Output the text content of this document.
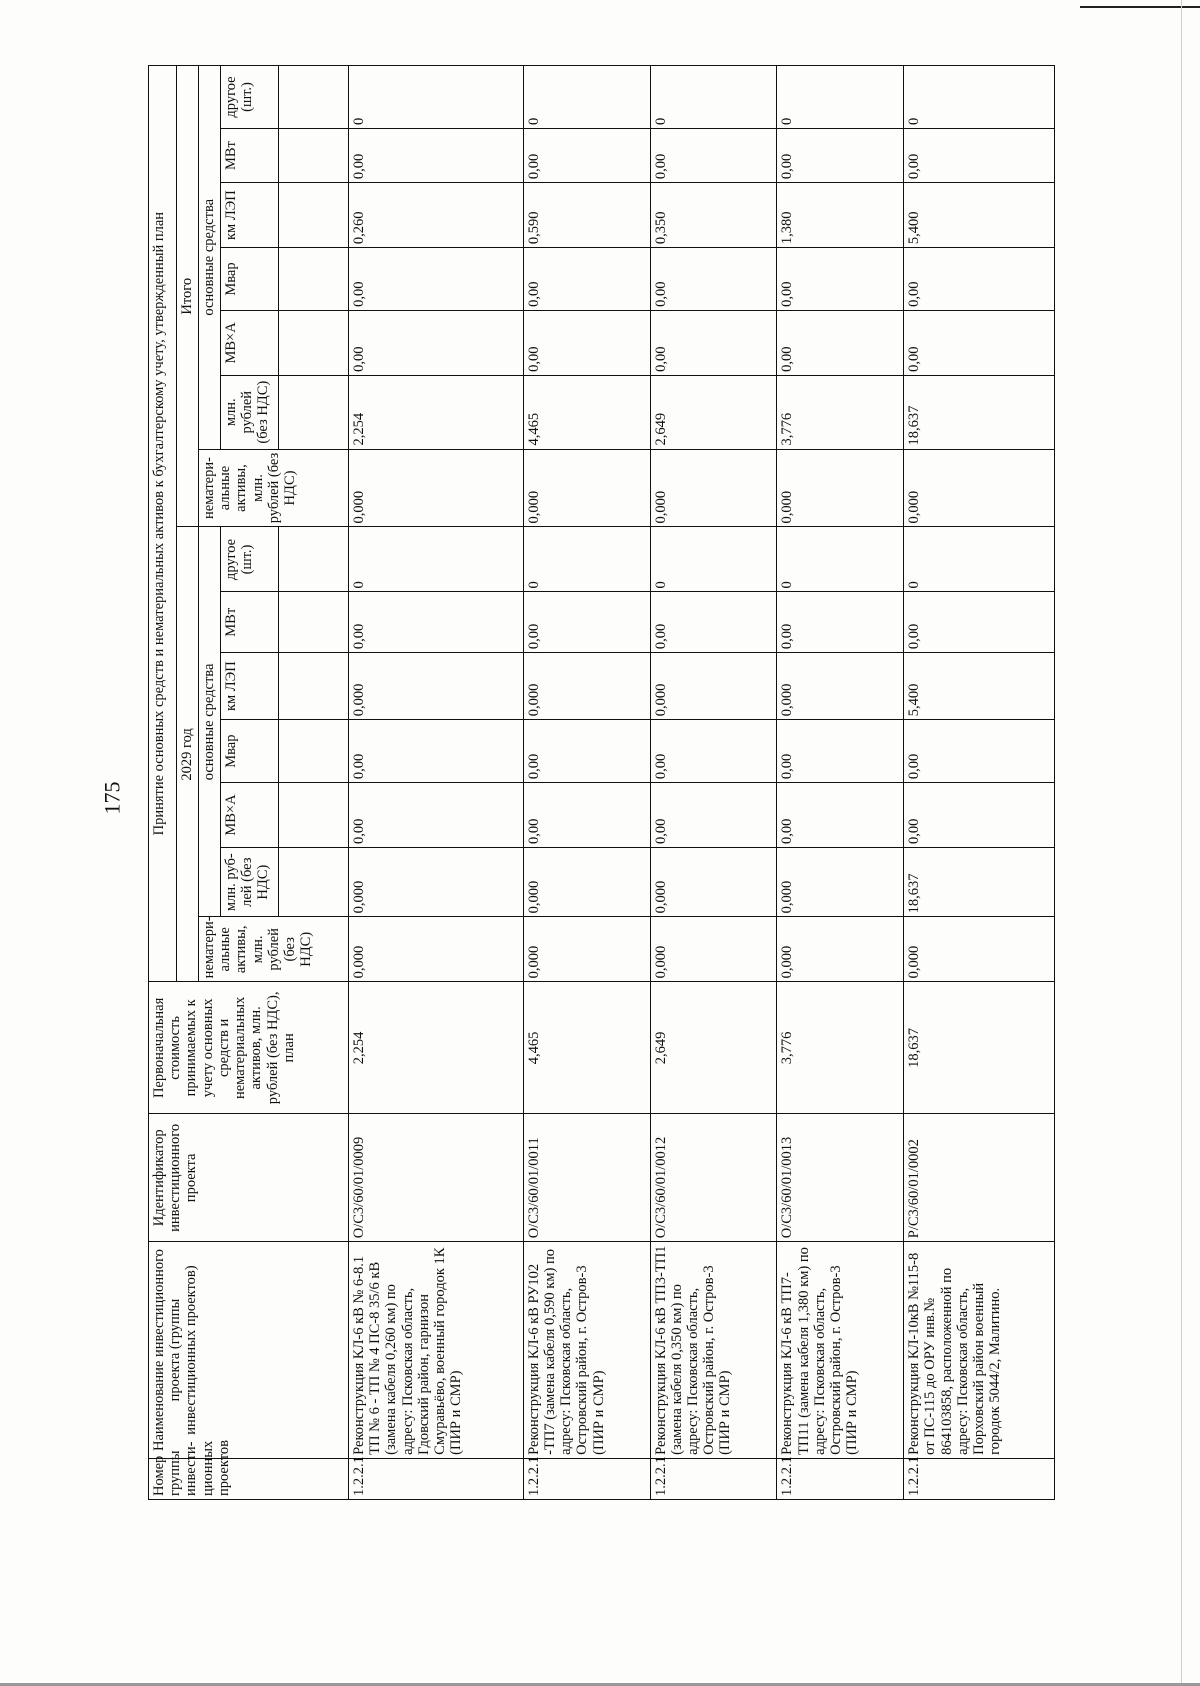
175
Номер группы инвести-ционных проектов	Наименование инвестиционного проекта (группы инвестиционных проектов)	Идентификатор инвестиционного проекта	Первоначальная стоимость принимаемых к учету основных средств и нематериальных активов, млн. рублей (без НДС), план	Принятие основных средств и нематериальных активов к бухгалтерскому учету, утвержденный план													
				2029 год							Итого						
				нематери-альные активы, млн. рублей (без НДС)	основные средства						нематери-альные активы, млн. рублей (без НДС)	основные средства					
					млн. руб-лей (без НДС)	МВ×А	Мвар	км ЛЭП	МВт	другое (шт.)		млн. рублей (без НДС)	МВ×А	Мвар	км ЛЭП	МВт	другое (шт.)

1.2.2.1	Реконструкция КЛ-6 кВ № 6-8.1 ТП № 6 - ТП № 4 ПС-8 35/6 кВ (замена кабеля 0,260 км) по адресу: Псковская область, Гдовский район, гарнизон Смуравьёво, военный городок 1К (ПИР и СМР)	О/С3/60/01/0009	2,254	0,000	0,000	0,00	0,00	0,000	0,00	0	0,000	2,254	0,00	0,00	0,260	0,00	0
1.2.2.1	Реконструкция КЛ-6 кВ РУ102 -ТП7 (замена кабеля 0,590 км) по адресу: Псковская область, Островский район, г. Остров-3 (ПИР и СМР)	О/С3/60/01/0011	4,465	0,000	0,000	0,00	0,00	0,000	0,00	0	0,000	4,465	0,00	0,00	0,590	0,00	0
1.2.2.1	Реконструкция КЛ-6 кВ ТП3-ТП1 (замена кабеля 0,350 км) по адресу: Псковская область, Островский район, г. Остров-3 (ПИР и СМР)	О/С3/60/01/0012	2,649	0,000	0,000	0,00	0,00	0,000	0,00	0	0,000	2,649	0,00	0,00	0,350	0,00	0
1.2.2.1	Реконструкция КЛ-6 кВ ТП7-ТП11 (замена кабеля 1,380 км) по адресу: Псковская область, Островский район, г. Остров-3 (ПИР и СМР)	О/С3/60/01/0013	3,776	0,000	0,000	0,00	0,00	0,000	0,00	0	0,000	3,776	0,00	0,00	1,380	0,00	0
1.2.2.1	Реконструкция КЛ-10кВ №115-8 от ПС-115 до ОРУ инв.№ 864103858, расположенной по адресу: Псковская область, Порховский район военный городок 5044/2, Малитино.	Р/С3/60/01/0002	18,637	0,000	18,637	0,00	0,00	5,400	0,00	0	0,000	18,637	0,00	0,00	5,400	0,00	0
